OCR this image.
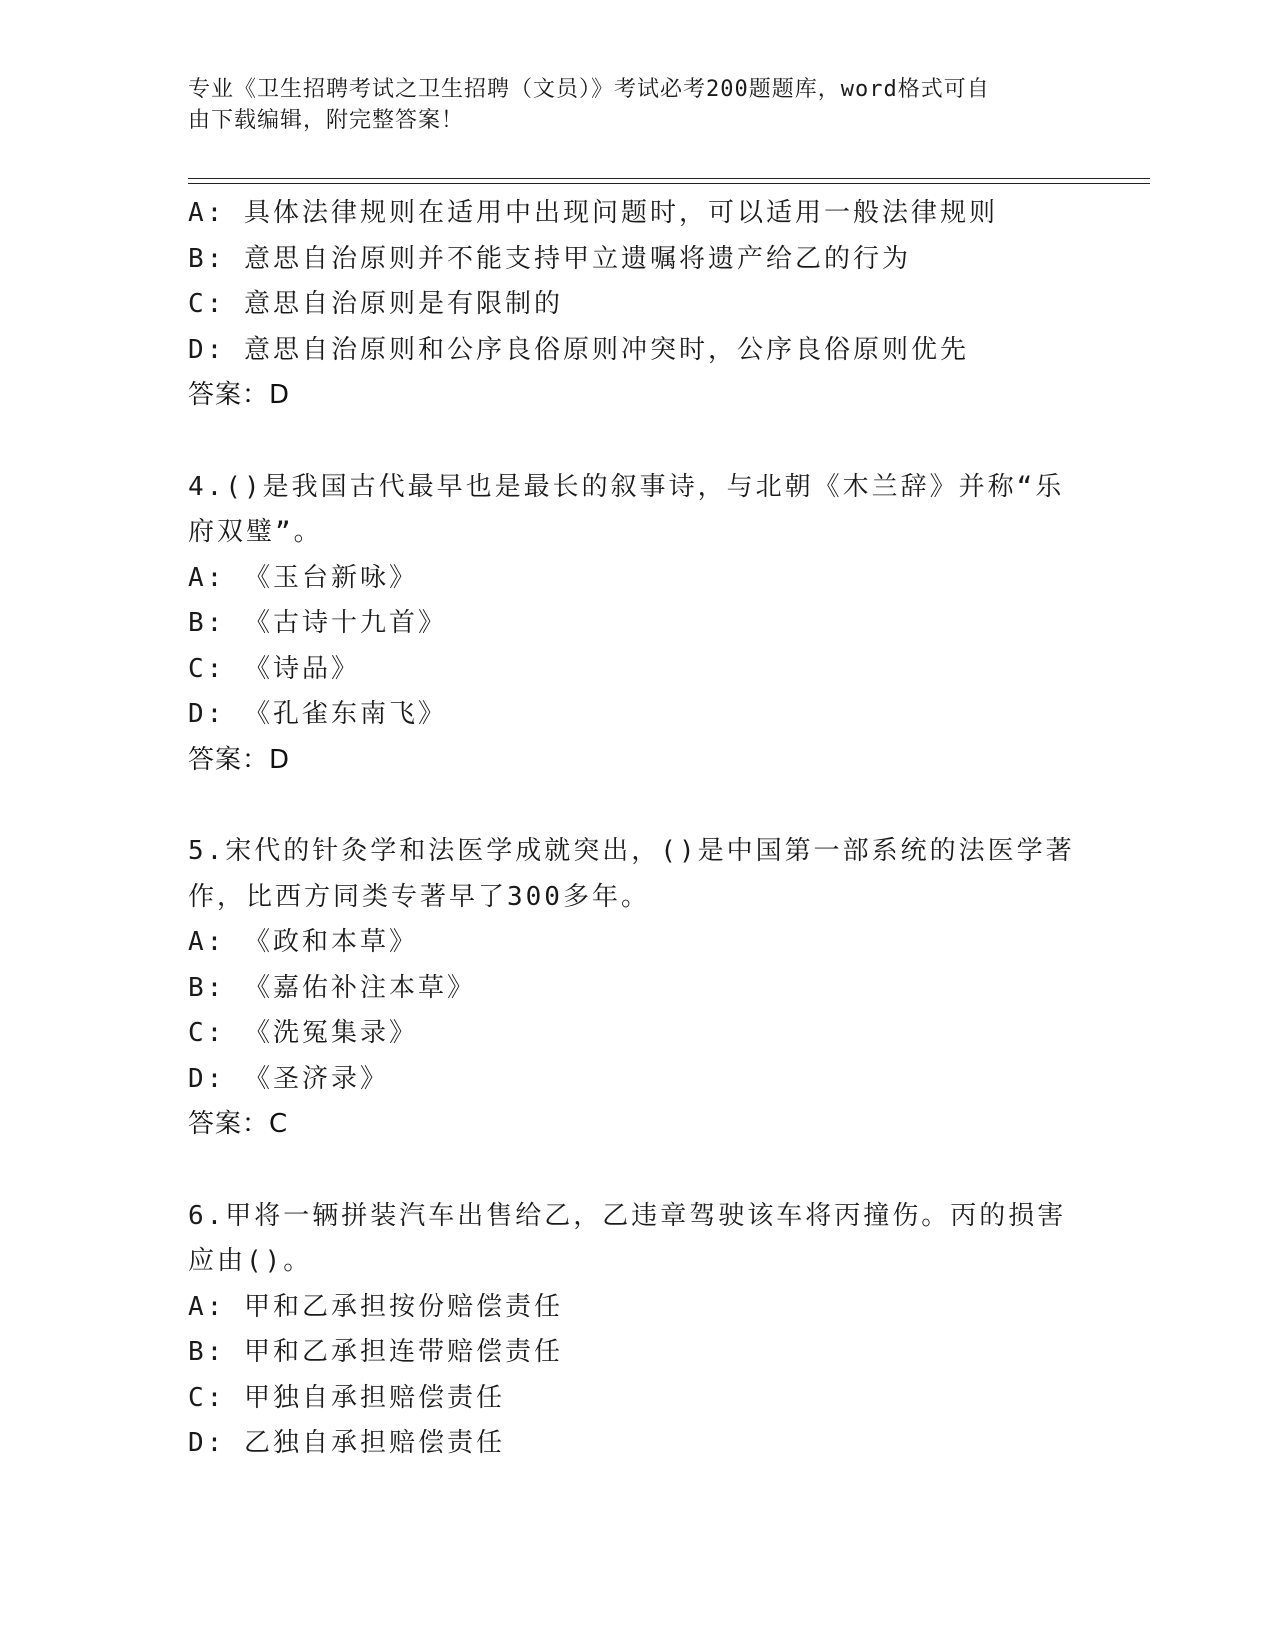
专业《卫生招聘考试之卫生招聘（文员）》考试必考200题题库，word格式可自
由下载编辑，附完整答案！
A: 具体法律规则在适用中出现问题时，可以适用一般法律规则
B: 意思自治原则并不能支持甲立遗嘱将遗产给乙的行为
C: 意思自治原则是有限制的
D: 意思自治原则和公序良俗原则冲突时，公序良俗原则优先
答案：D
4.()是我国古代最早也是最长的叙事诗，与北朝《木兰辞》并称“乐
府双璧”。
A: 《玉台新咏》
B: 《古诗十九首》
C: 《诗品》
D: 《孔雀东南飞》
答案：D
5.宋代的针灸学和法医学成就突出，()是中国第一部系统的法医学著
作，比西方同类专著早了300多年。
A: 《政和本草》
B: 《嘉佑补注本草》
C: 《洗冤集录》
D: 《圣济录》
答案：C
6.甲将一辆拼装汽车出售给乙，乙违章驾驶该车将丙撞伤。丙的损害
应由()。
A: 甲和乙承担按份赔偿责任
B: 甲和乙承担连带赔偿责任
C: 甲独自承担赔偿责任
D: 乙独自承担赔偿责任
